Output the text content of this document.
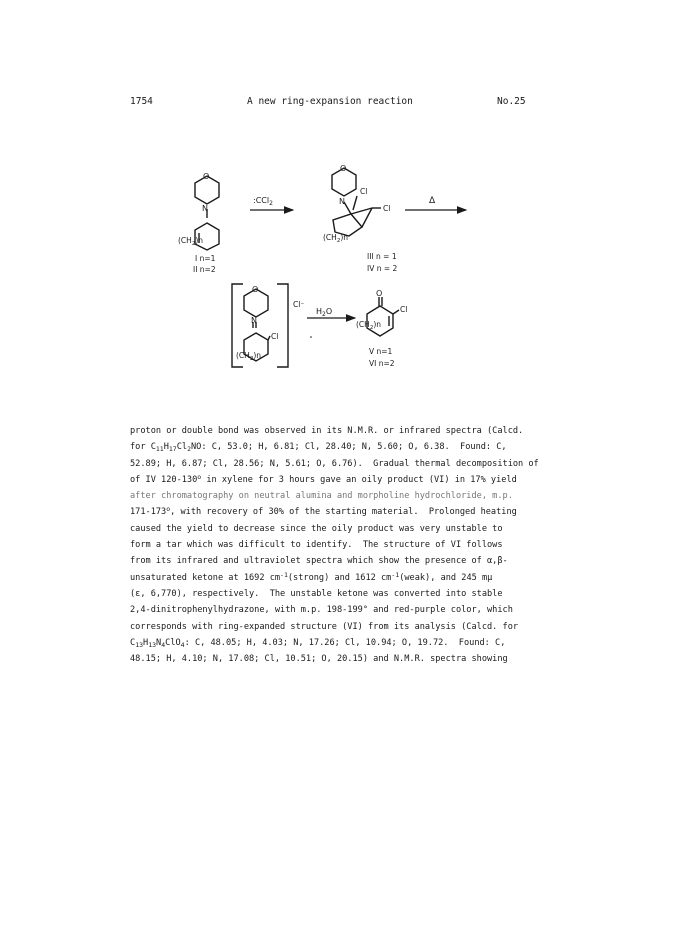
1754	A new ring-expansion reaction	No.25
O
N
$(CH_2)n$
I n=1
II n=2
:CCl$_2$
O
N
Cl
Cl
$(CH_2)n$
III n = 1
IV n = 2
Δ
O
N
Cl
$(CH_2)n$
Cl⁻
$H_2O$
O
Cl
$(CH_2)n$
V n=1
VI n=2
proton or double bond was observed in its N.M.R. or infrared spectra (Calcd.
for $C_{11}H_{17}Cl_2NO$: C, 53.0; H, 6.81; Cl, 28.40; N, 5.60; O, 6.38.  Found: C,
52.89; H, 6.87; Cl, 28.56; N, 5.61; O, 6.76).  Gradual thermal decomposition of
of IV 120-130$^o$ in xylene for 3 hours gave an oily product (VI) in 17% yield
after chromatography on neutral alumina and morpholine hydrochloride, m.p.
171-173$^o$, with recovery of 30% of the starting material.  Prolonged heating
caused the yield to decrease since the oily product was very unstable to
form a tar which was difficult to identify.  The structure of VI follows
from its infrared and ultraviolet spectra which show the presence of α,β-
unsaturated ketone at 1692 $cm^{-1}(strong)$ and 1612 $cm^{-1}(weak)$, and 245 mμ
(ε, 6,770), respectively.  The unstable ketone was converted into stable
2,4-dinitrophenylhydrazone, with m.p. 198-199° and red-purple color, which
corresponds with ring-expanded structure (VI) from its analysis (Calcd. for
$C_{13}H_{13}N_4ClO_4$: C, 48.05; H, 4.03; N, 17.26; Cl, 10.94; O, 19.72.  Found: C,
48.15; H, 4.10; N, 17.08; Cl, 10.51; O, 20.15) and N.M.R. spectra showing
